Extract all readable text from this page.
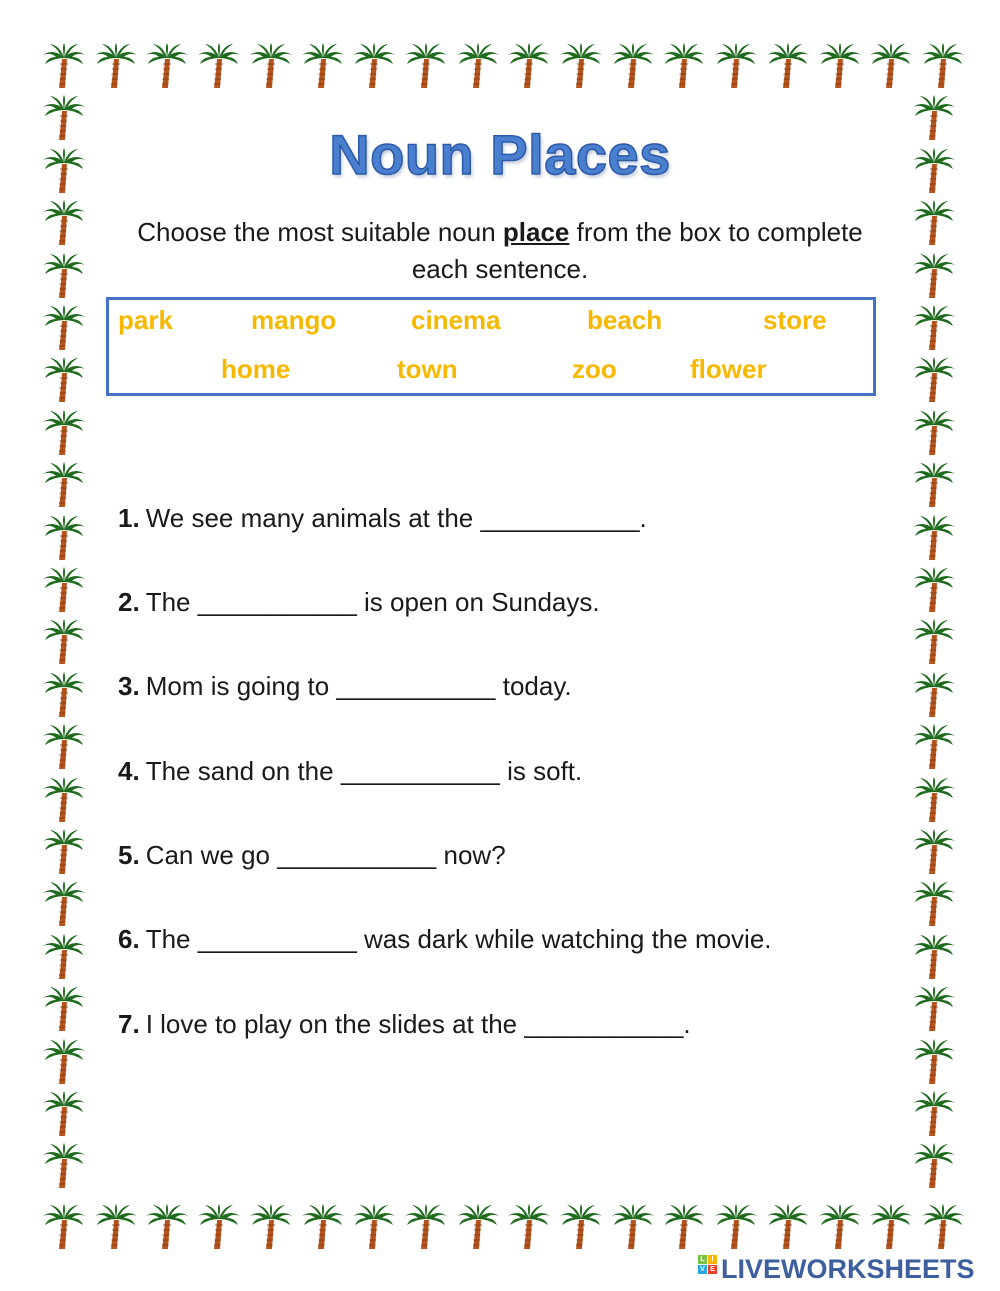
Noun Places
Choose the most suitable noun place from the box to complete each sentence.
park	mango	cinema	beach	store
home	town	zoo	flower
1. We see many animals at the ___________.
2. The ___________ is open on Sundays.
3. Mom is going to ___________ today.
4. The sand on the ___________ is soft.
5. Can we go ___________ now?
6. The ___________ was dark while watching the movie.
7. I love to play on the slides at the ___________.
L I
V E LIVEWORKSHEETS
